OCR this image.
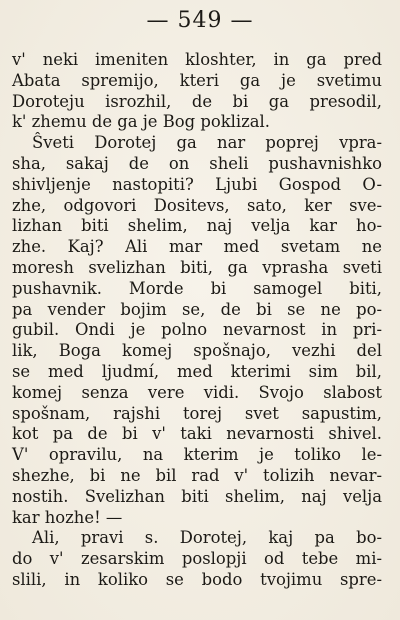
— 549 —
v' neki imeniten kloshter, in ga pred
Abata spremijo, kteri ga je svetimu
Doroteju isrozhil, de bi ga presodil,
k' zhemu de ga je Bog poklizal.
Ŝveti Dorotej ga nar poprej vpra-
sha, sakaj de on sheli pushavnishko
shivljenje nastopiti? Ljubi Gospod O-
zhe, odgovori Dositevs, sato, ker sve-
lizhan biti shelim, naj velja kar ho-
zhe. Kaj? Ali mar med svetam ne
moresh svelizhan biti, ga vprasha sveti
pushavnik. Morde bi samogel biti,
pa vender bojim se, de bi se ne po-
gubil. Ondi je polno nevarnost in pri-
lik, Boga komej spošnajo, vezhi del
se med ljudmí, med kterimi sim bil,
komej senza vere vidi. Svojo slabost
spošnam, rajshi torej svet sapustim,
kot pa de bi v' taki nevarnosti shivel.
V' opravilu, na kterim je toliko le-
shezhe, bi ne bil rad v' tolizih nevar-
nostih. Svelizhan biti shelim, naj velja
kar hozhe! —
Ali, pravi s. Dorotej, kaj pa bo-
do v' zesarskim poslopji od tebe mi-
slili, in koliko se bodo tvojimu spre-
